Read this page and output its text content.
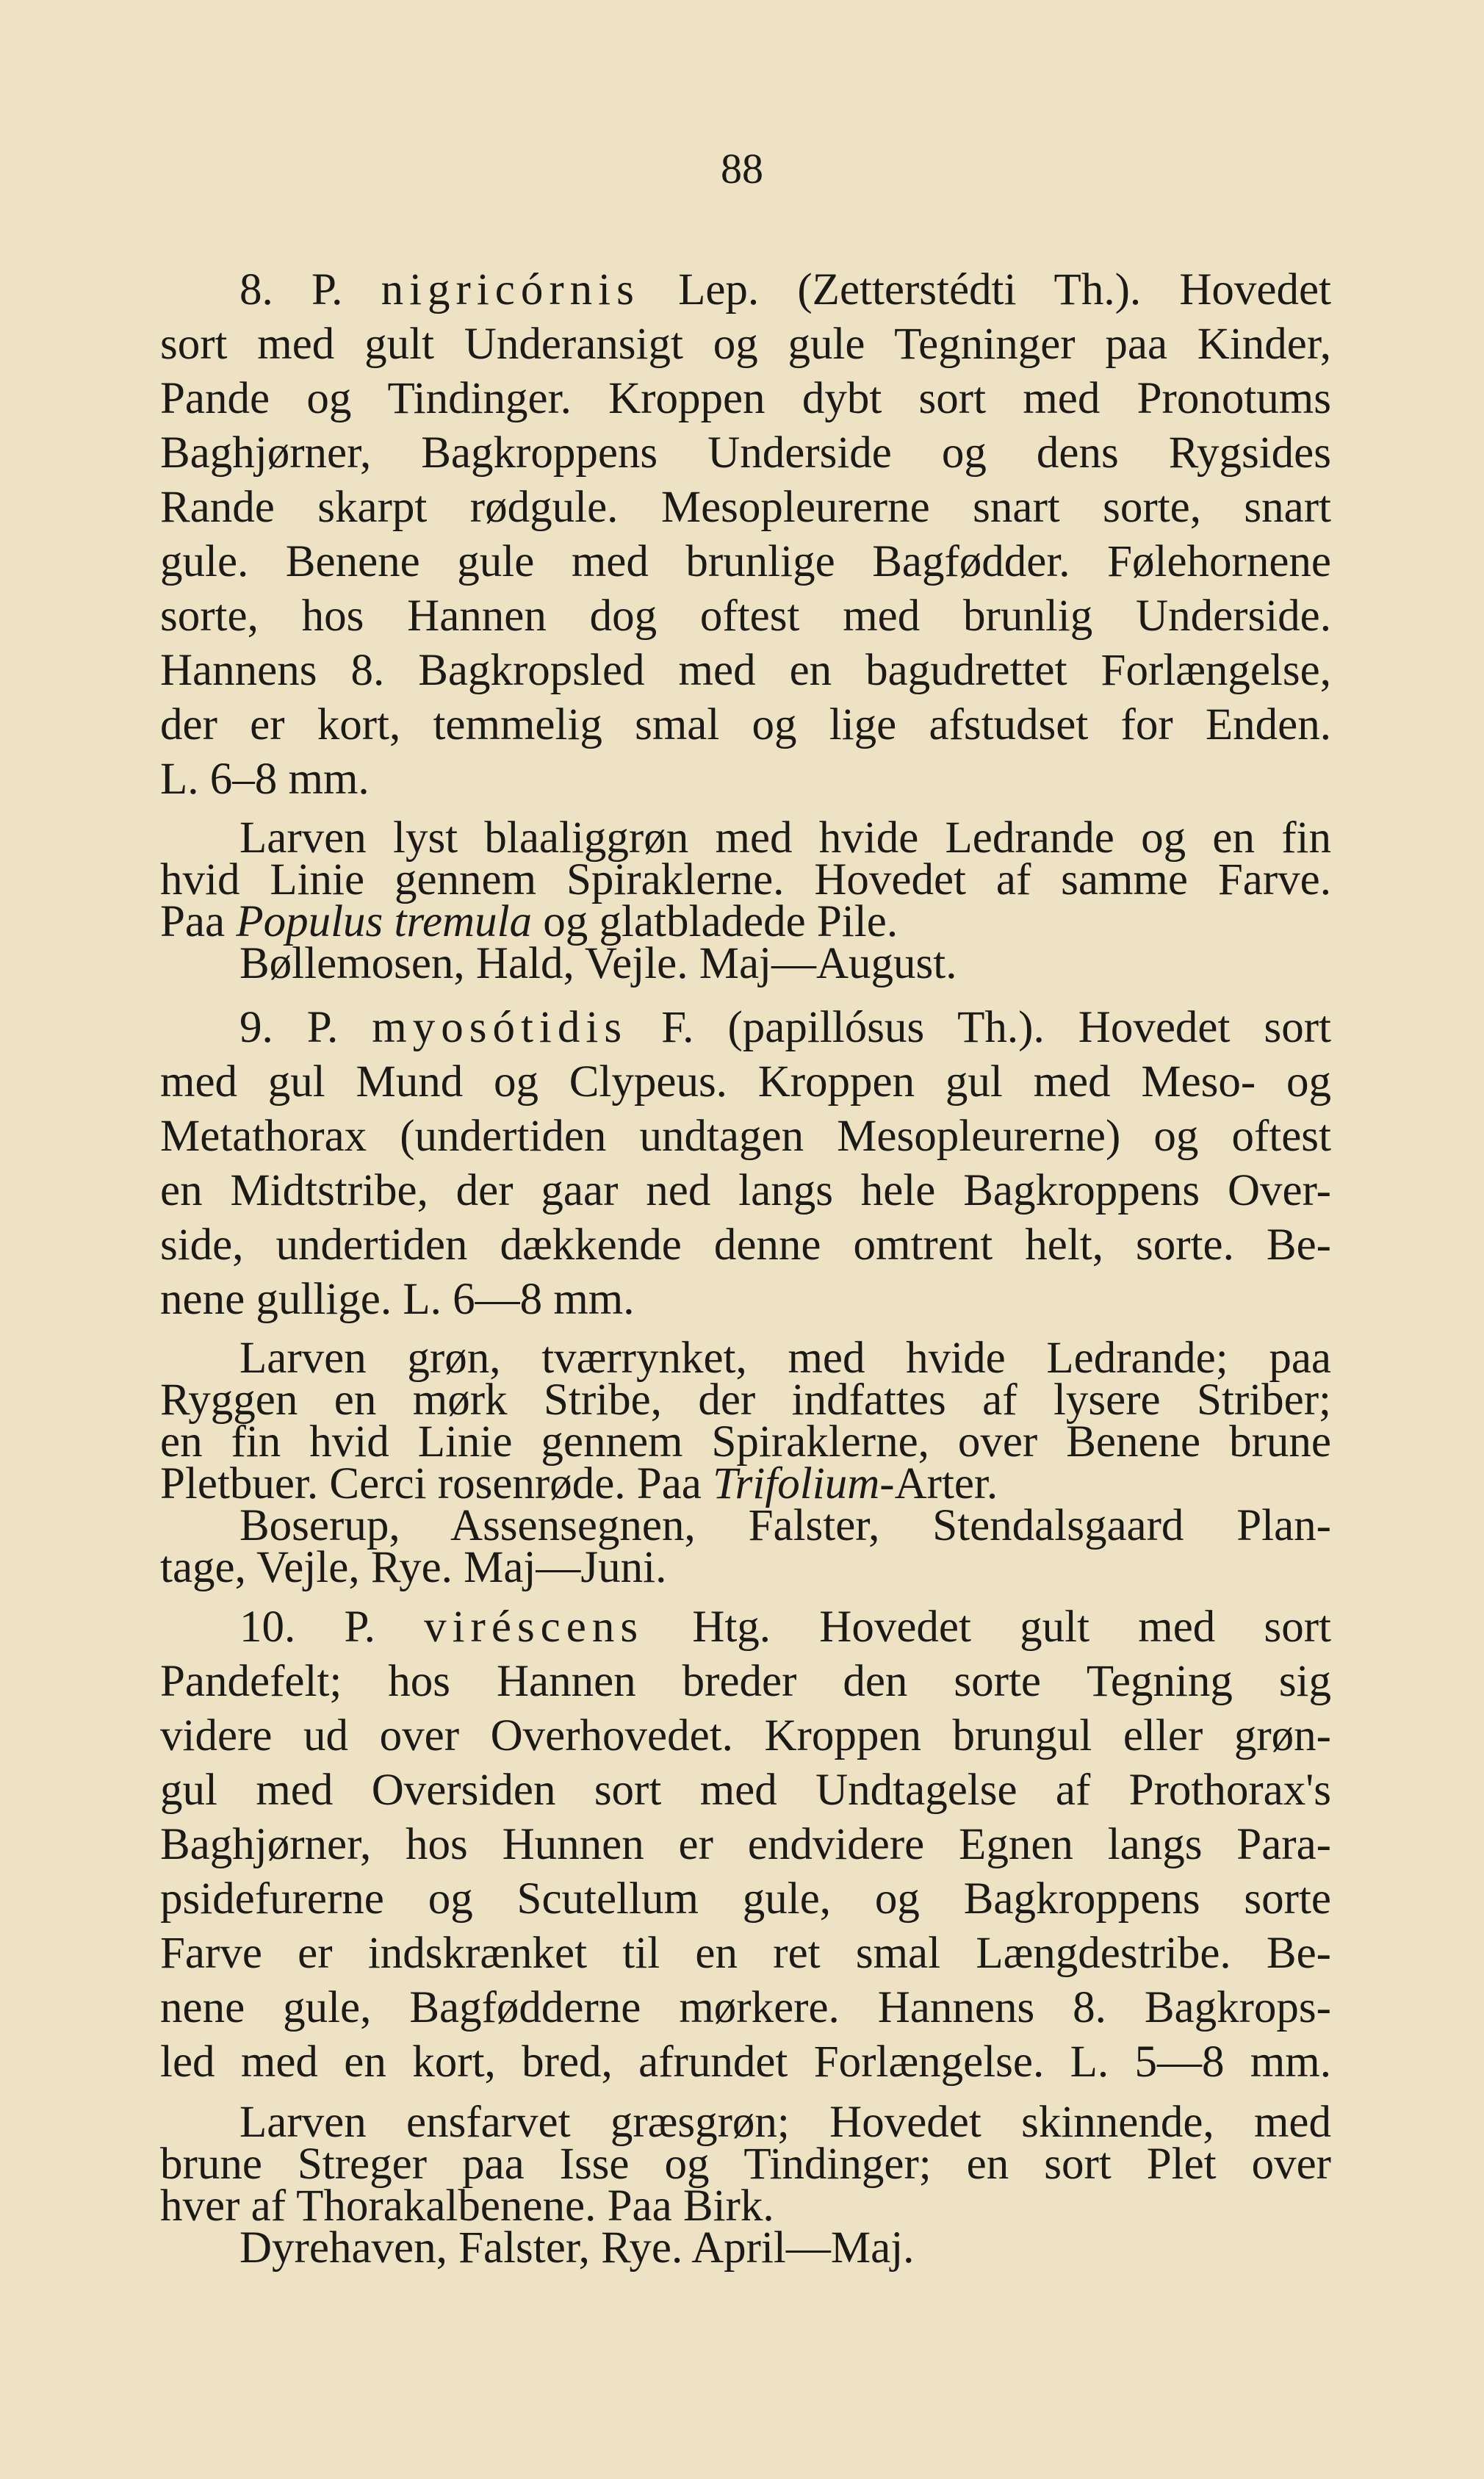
88
8. P. nigricórnis Lep. (Zetterstédti Th.). Hovedet
sort med gult Underansigt og gule Tegninger paa Kinder,
Pande og Tindinger. Kroppen dybt sort med Pronotums
Baghjørner, Bagkroppens Underside og dens Rygsides
Rande skarpt rødgule. Mesopleurerne snart sorte, snart
gule. Benene gule med brunlige Bagfødder. Følehornene
sorte, hos Hannen dog oftest med brunlig Underside.
Hannens 8. Bagkropsled med en bagudrettet Forlængelse,
der er kort, temmelig smal og lige afstudset for Enden.
L. 6–8 mm.
Larven lyst blaaliggrøn med hvide Ledrande og en fin
hvid Linie gennem Spiraklerne. Hovedet af samme Farve.
Paa Populus tremula og glatbladede Pile.
Bøllemosen, Hald, Vejle. Maj—August.
9. P. myosótidis F. (papillósus Th.). Hovedet sort
med gul Mund og Clypeus. Kroppen gul med Meso- og
Metathorax (undertiden undtagen Mesopleurerne) og oftest
en Midtstribe, der gaar ned langs hele Bagkroppens Over-
side, undertiden dækkende denne omtrent helt, sorte. Be-
nene gullige. L. 6—8 mm.
Larven grøn, tværrynket, med hvide Ledrande; paa
Ryggen en mørk Stribe, der indfattes af lysere Striber;
en fin hvid Linie gennem Spiraklerne, over Benene brune
Pletbuer. Cerci rosenrøde. Paa Trifolium-Arter.
Boserup, Assensegnen, Falster, Stendalsgaard Plan-
tage, Vejle, Rye. Maj—Juni.
10. P. viréscens Htg. Hovedet gult med sort
Pandefelt; hos Hannen breder den sorte Tegning sig
videre ud over Overhovedet. Kroppen brungul eller grøn-
gul med Oversiden sort med Undtagelse af Prothorax's
Baghjørner, hos Hunnen er endvidere Egnen langs Para-
psidefurerne og Scutellum gule, og Bagkroppens sorte
Farve er indskrænket til en ret smal Længdestribe. Be-
nene gule, Bagfødderne mørkere. Hannens 8. Bagkrops-
led med en kort, bred, afrundet Forlængelse. L. 5—8 mm.
Larven ensfarvet græsgrøn; Hovedet skinnende, med
brune Streger paa Isse og Tindinger; en sort Plet over
hver af Thorakalbenene. Paa Birk.
Dyrehaven, Falster, Rye. April—Maj.
